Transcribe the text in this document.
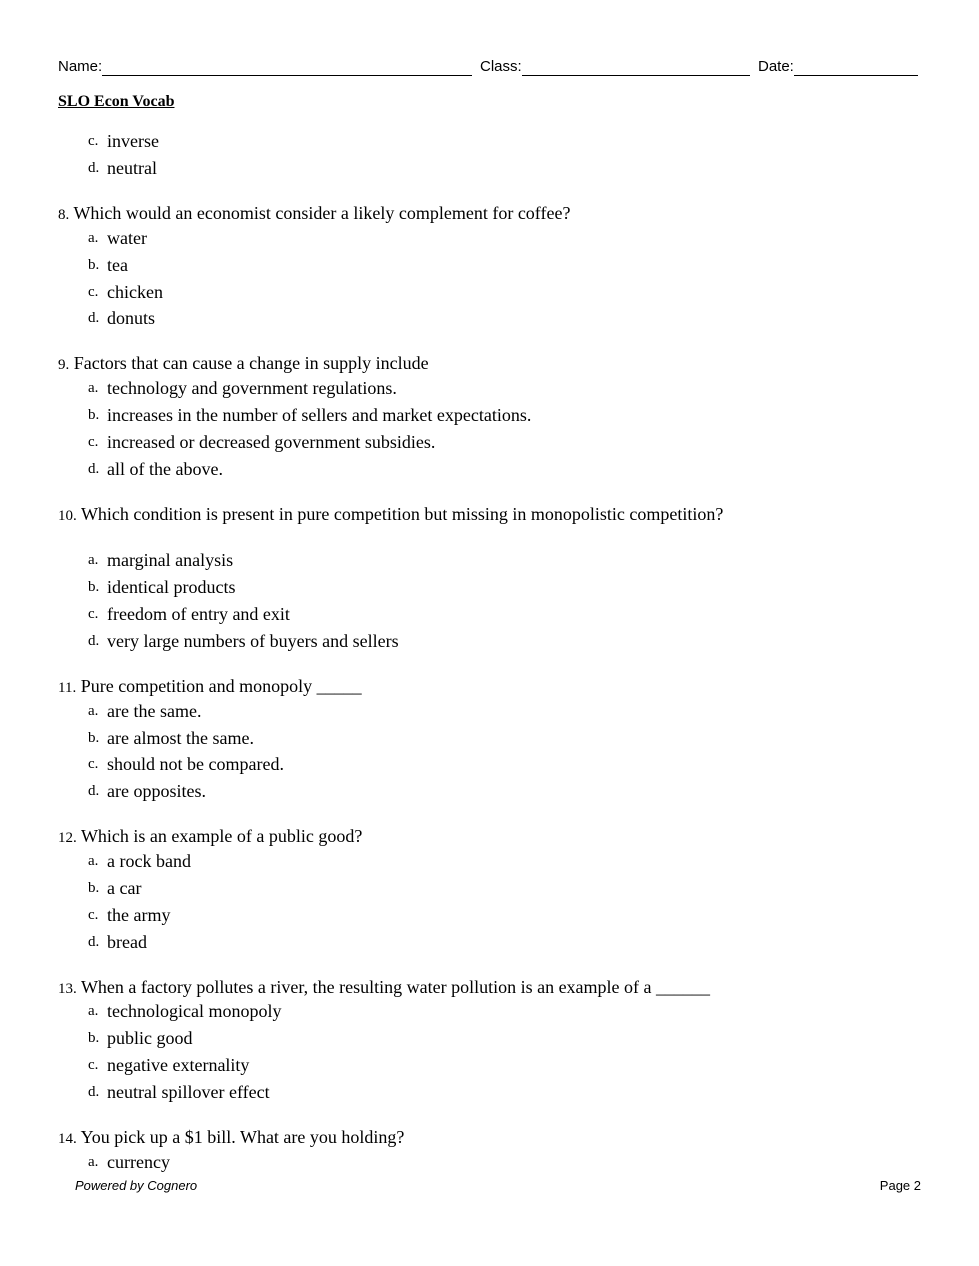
Name:	Class:	Date:
SLO Econ Vocab
c. inverse
d. neutral
8. Which would an economist consider a likely complement for coffee?
a. water
b. tea
c. chicken
d. donuts
9. Factors that can cause a change in supply include
a. technology and government regulations.
b. increases in the number of sellers and market expectations.
c. increased or decreased government subsidies.
d. all of the above.
10. Which condition is present in pure competition but missing in monopolistic competition?
a. marginal analysis
b. identical products
c. freedom of entry and exit
d. very large numbers of buyers and sellers
11. Pure competition and monopoly _____
a. are the same.
b. are almost the same.
c. should not be compared.
d. are opposites.
12. Which is an example of a public good?
a. a rock band
b. a car
c. the army
d. bread
13. When a factory pollutes a river, the resulting water pollution is an example of a ______
a. technological monopoly
b. public good
c. negative externality
d. neutral spillover effect
14. You pick up a $1 bill. What are you holding?
a. currency
Powered by Cognero	Page 2
